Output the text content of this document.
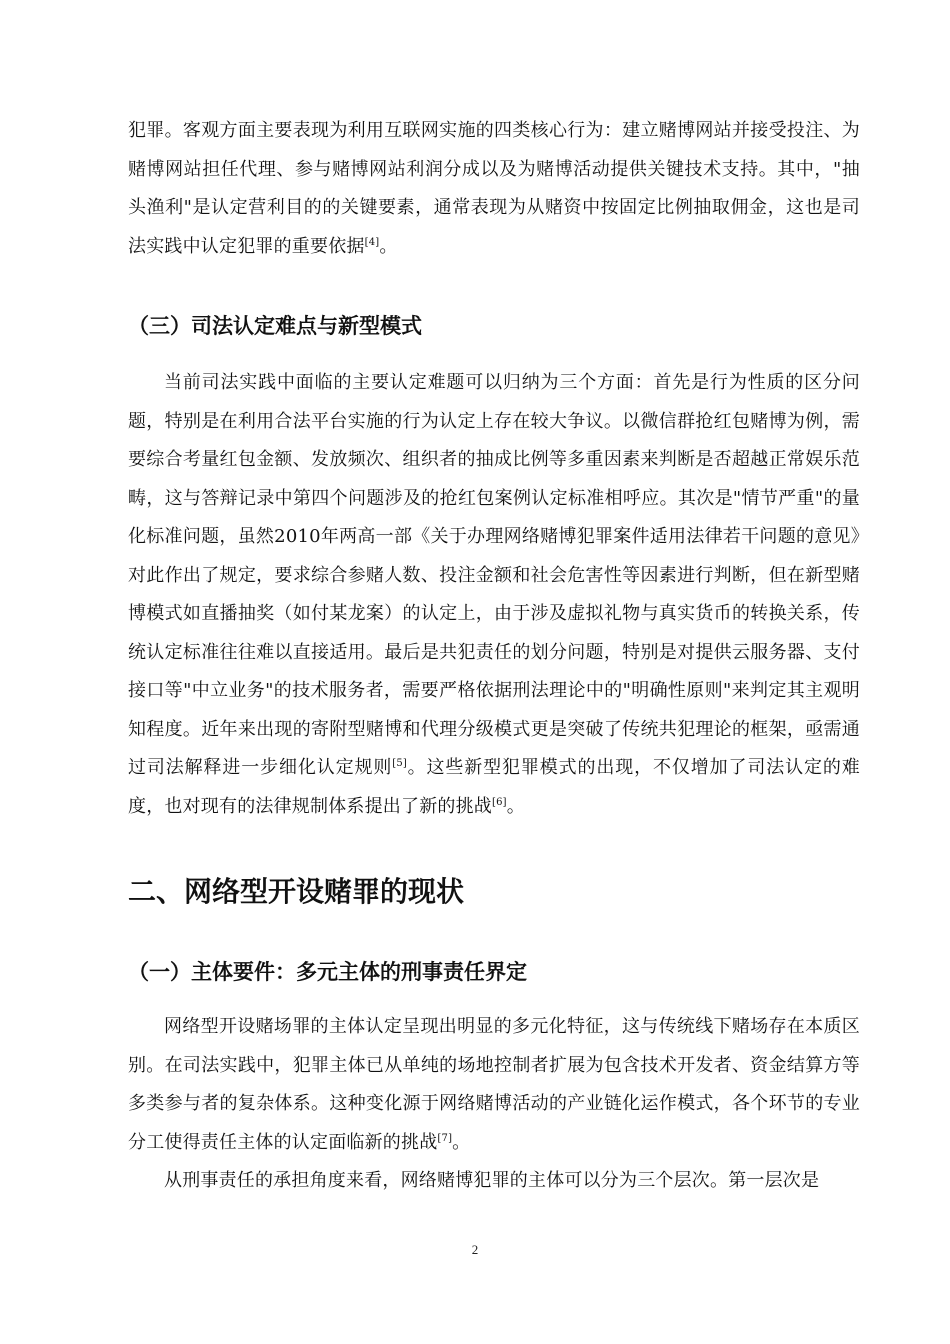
犯罪。客观方面主要表现为利用互联网实施的四类核心行为：建立赌博网站并接受投注、为赌博网站担任代理、参与赌博网站利润分成以及为赌博活动提供关键技术支持。其中，"抽头渔利"是认定营利目的的关键要素，通常表现为从赌资中按固定比例抽取佣金，这也是司法实践中认定犯罪的重要依据[4]。

（三）司法认定难点与新型模式

当前司法实践中面临的主要认定难题可以归纳为三个方面：首先是行为性质的区分问题，特别是在利用合法平台实施的行为认定上存在较大争议。以微信群抢红包赌博为例，需要综合考量红包金额、发放频次、组织者的抽成比例等多重因素来判断是否超越正常娱乐范畴，这与答辩记录中第四个问题涉及的抢红包案例认定标准相呼应。其次是"情节严重"的量化标准问题，虽然2010年两高一部《关于办理网络赌博犯罪案件适用法律若干问题的意见》对此作出了规定，要求综合参赌人数、投注金额和社会危害性等因素进行判断，但在新型赌博模式如直播抽奖（如付某龙案）的认定上，由于涉及虚拟礼物与真实货币的转换关系，传统认定标准往往难以直接适用。最后是共犯责任的划分问题，特别是对提供云服务器、支付接口等"中立业务"的技术服务者，需要严格依据刑法理论中的"明确性原则"来判定其主观明知程度。近年来出现的寄附型赌博和代理分级模式更是突破了传统共犯理论的框架，亟需通过司法解释进一步细化认定规则[5]。这些新型犯罪模式的出现，不仅增加了司法认定的难度，也对现有的法律规制体系提出了新的挑战[6]。

二、网络型开设赌罪的现状
（一）主体要件：多元主体的刑事责任界定

网络型开设赌场罪的主体认定呈现出明显的多元化特征，这与传统线下赌场存在本质区别。在司法实践中，犯罪主体已从单纯的场地控制者扩展为包含技术开发者、资金结算方等多类参与者的复杂体系。这种变化源于网络赌博活动的产业链化运作模式，各个环节的专业分工使得责任主体的认定面临新的挑战[7]。

从刑事责任的承担角度来看，网络赌博犯罪的主体可以分为三个层次。第一层次是

2
